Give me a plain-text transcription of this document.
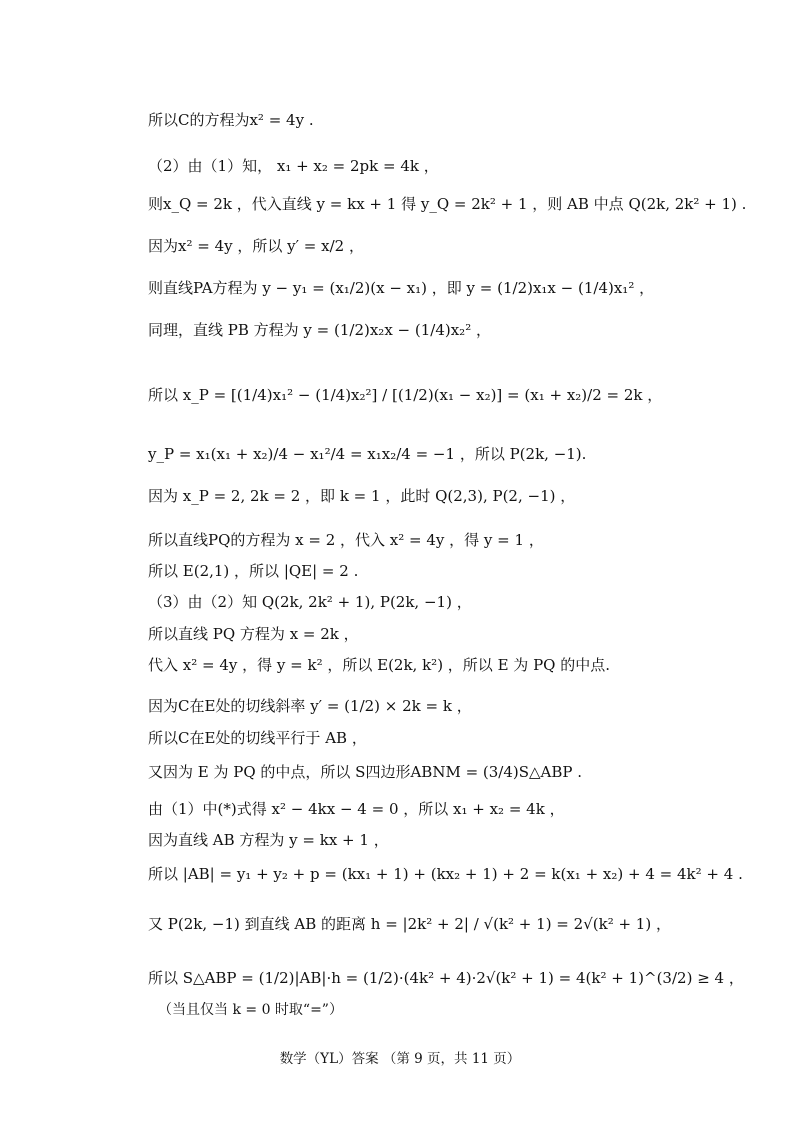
所以C的方程为x² = 4y .

（2）由（1）知， x₁ + x₂ = 2pk = 4k ，

则x_Q = 2k ，代入直线 y = kx + 1 得 y_Q = 2k² + 1 ，则 AB 中点 Q(2k, 2k² + 1) .

因为x² = 4y ，所以 y′ = x/2 ，

则直线PA方程为 y − y₁ = (x₁/2)(x − x₁) ，即 y = (1/2)x₁x − (1/4)x₁² ，

同理，直线 PB 方程为 y = (1/2)x₂x − (1/4)x₂² ，

所以 x_P = [(1/4)x₁² − (1/4)x₂²] / [(1/2)(x₁ − x₂)] = (x₁ + x₂)/2 = 2k ，

y_P = x₁(x₁ + x₂)/4 − x₁²/4 = x₁x₂/4 = −1 ，所以 P(2k, −1).

因为 x_P = 2, 2k = 2 ，即 k = 1 ，此时 Q(2,3), P(2, −1) ，

所以直线PQ的方程为 x = 2 ，代入 x² = 4y ，得 y = 1 ，

所以 E(2,1) ，所以 |QE| = 2 .

（3）由（2）知 Q(2k, 2k² + 1), P(2k, −1) ，

所以直线 PQ 方程为 x = 2k ，

代入 x² = 4y ，得 y = k² ，所以 E(2k, k²) ，所以 E 为 PQ 的中点.

因为C在E处的切线斜率 y′ = (1/2) × 2k = k ，

所以C在E处的切线平行于 AB ，

又因为 E 为 PQ 的中点，所以 S四边形ABNM = (3/4)S△ABP .

由（1）中(*)式得 x² − 4kx − 4 = 0 ，所以 x₁ + x₂ = 4k ，

因为直线 AB 方程为 y = kx + 1 ，

所以 |AB| = y₁ + y₂ + p = (kx₁ + 1) + (kx₂ + 1) + 2 = k(x₁ + x₂) + 4 = 4k² + 4 .

又 P(2k, −1) 到直线 AB 的距离 h = |2k² + 2| / √(k² + 1) = 2√(k² + 1) ，

所以 S△ABP = (1/2)|AB|·h = (1/2)·(4k² + 4)·2√(k² + 1) = 4(k² + 1)^(3/2) ≥ 4 ，

（当且仅当 k = 0 时取“=”）

数学（YL）答案 （第 9 页，共 11 页）
